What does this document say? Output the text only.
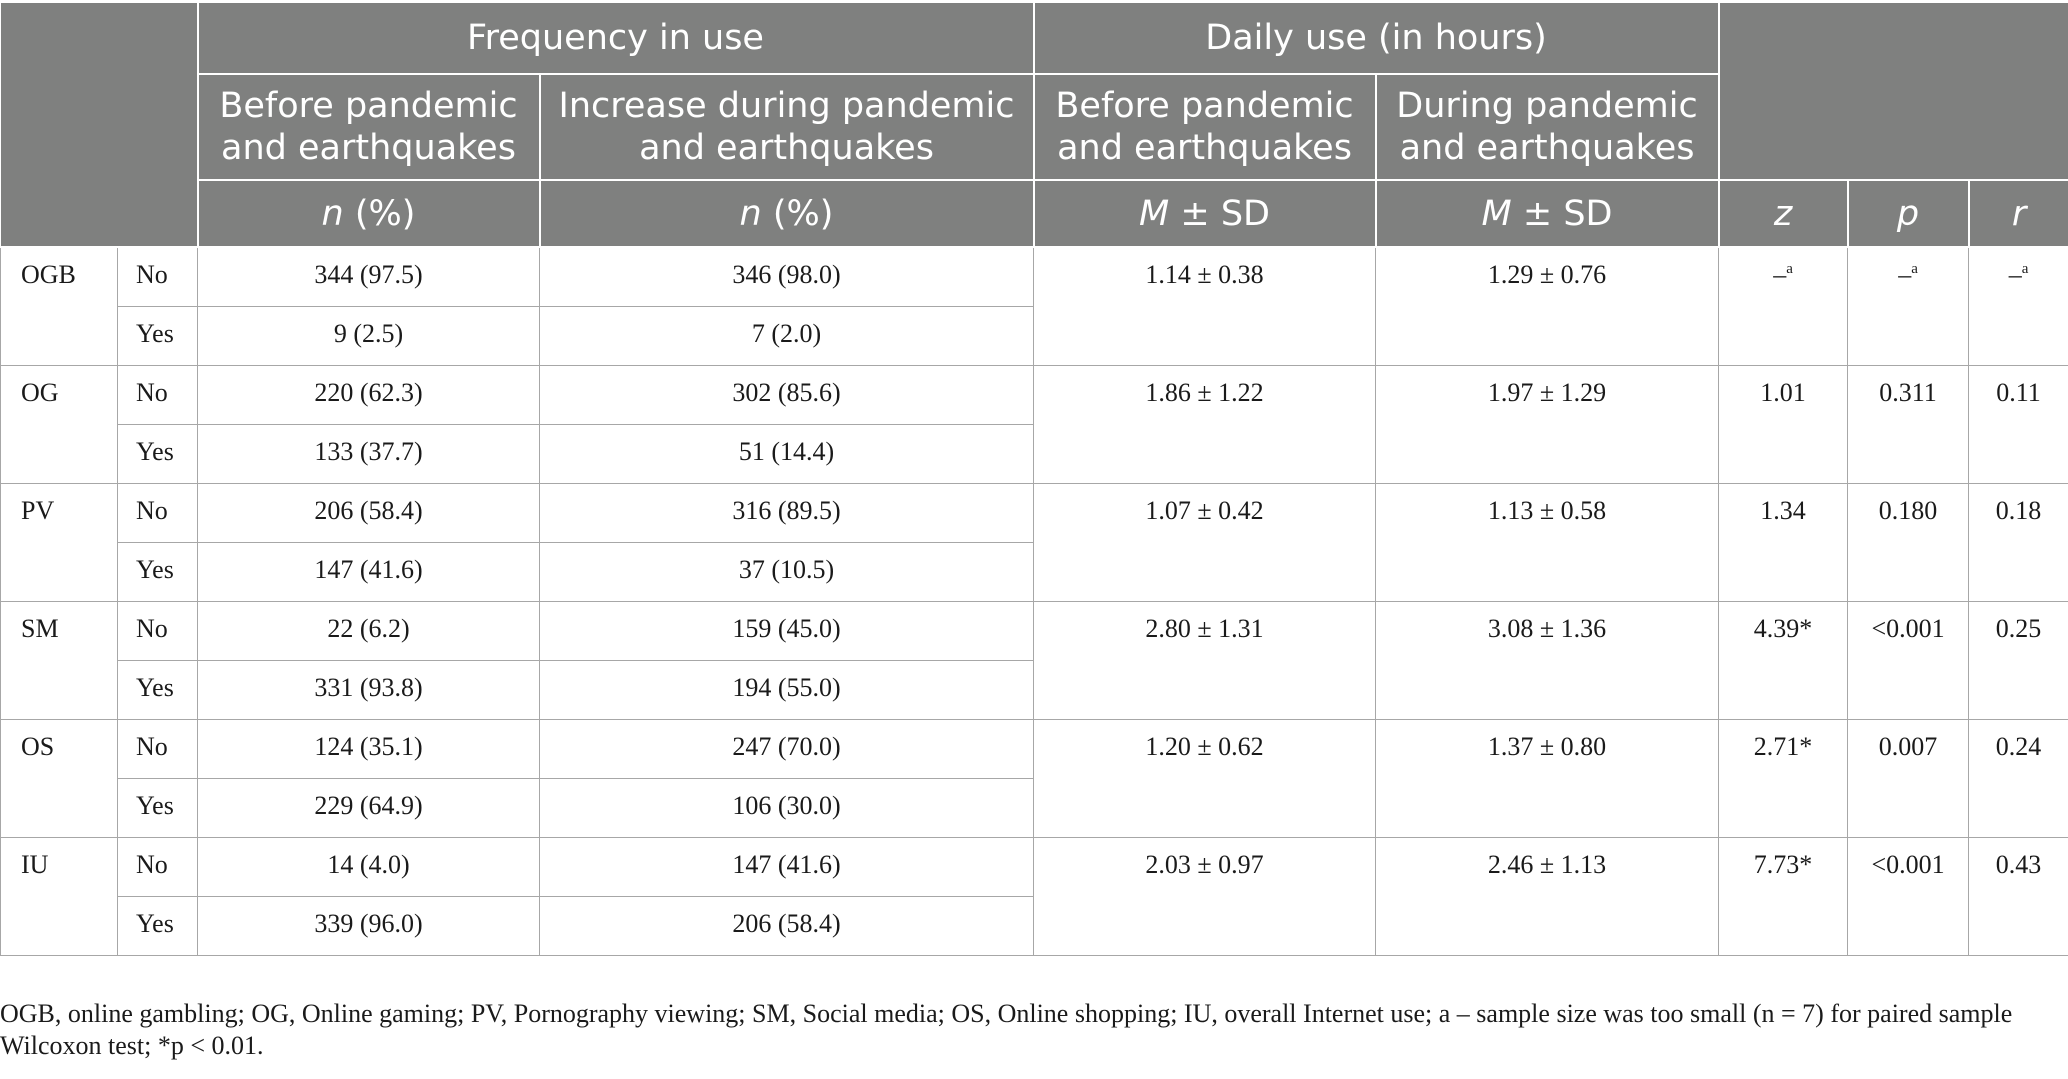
		Frequency in use		Daily use (in hours)				
		Before pandemic and earthquakes	Increase during pandemic and earthquakes	Before pandemic and earthquakes	During pandemic and earthquakes			
		n (%)	n (%)	M ± SD	M ± SD	z	p	r
OGB	No	344 (97.5)	346 (98.0)	1.14 ± 0.38	1.29 ± 0.76	–$^a$	–$^a$	–$^a$
	Yes	9 (2.5)	7 (2.0)					
OG	No	220 (62.3)	302 (85.6)	1.86 ± 1.22	1.97 ± 1.29	1.01	0.311	0.11
	Yes	133 (37.7)	51 (14.4)					
PV	No	206 (58.4)	316 (89.5)	1.07 ± 0.42	1.13 ± 0.58	1.34	0.180	0.18
	Yes	147 (41.6)	37 (10.5)					
SM	No	22 (6.2)	159 (45.0)	2.80 ± 1.31	3.08 ± 1.36	4.39*	<0.001	0.25
	Yes	331 (93.8)	194 (55.0)					
OS	No	124 (35.1)	247 (70.0)	1.20 ± 0.62	1.37 ± 0.80	2.71*	0.007	0.24
	Yes	229 (64.9)	106 (30.0)					
IU	No	14 (4.0)	147 (41.6)	2.03 ± 0.97	2.46 ± 1.13	7.73*	<0.001	0.43
	Yes	339 (96.0)	206 (58.4)					
OGB, online gambling; OG, Online gaming; PV, Pornography viewing; SM, Social media; OS, Online shopping; IU, overall Internet use; a – sample size was too small (n = 7) for paired sample
Wilcoxon test; *p < 0.01.
